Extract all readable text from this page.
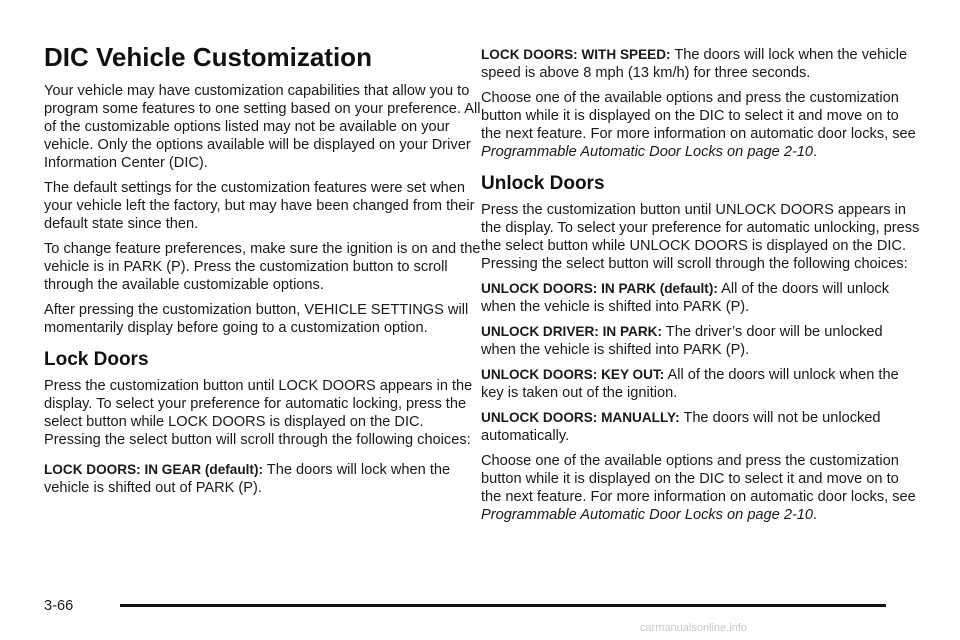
DIC Vehicle Customization

Your vehicle may have customization capabilities that allow you to program some features to one setting based on your preference. All of the customizable options listed may not be available on your vehicle. Only the options available will be displayed on your Driver Information Center (DIC).

The default settings for the customization features were set when your vehicle left the factory, but may have been changed from their default state since then.

To change feature preferences, make sure the ignition is on and the vehicle is in PARK (P). Press the customization button to scroll through the available customizable options.

After pressing the customization button, VEHICLE SETTINGS will momentarily display before going to a customization option.

Lock Doors

Press the customization button until LOCK DOORS appears in the display. To select your preference for automatic locking, press the select button while LOCK DOORS is displayed on the DIC. Pressing the select button will scroll through the following choices:

LOCK DOORS: IN GEAR (default): The doors will lock when the vehicle is shifted out of PARK (P).

LOCK DOORS: WITH SPEED: The doors will lock when the vehicle speed is above 8 mph (13 km/h) for three seconds.

Choose one of the available options and press the customization button while it is displayed on the DIC to select it and move on to the next feature. For more information on automatic door locks, see Programmable Automatic Door Locks on page 2-10.

Unlock Doors

Press the customization button until UNLOCK DOORS appears in the display. To select your preference for automatic unlocking, press the select button while UNLOCK DOORS is displayed on the DIC. Pressing the select button will scroll through the following choices:

UNLOCK DOORS: IN PARK (default): All of the doors will unlock when the vehicle is shifted into PARK (P).

UNLOCK DRIVER: IN PARK: The driver’s door will be unlocked when the vehicle is shifted into PARK (P).

UNLOCK DOORS: KEY OUT: All of the doors will unlock when the key is taken out of the ignition.

UNLOCK DOORS: MANUALLY: The doors will not be unlocked automatically.

Choose one of the available options and press the customization button while it is displayed on the DIC to select it and move on to the next feature. For more information on automatic door locks, see Programmable Automatic Door Locks on page 2-10.

3-66
carmanualsonline.info
